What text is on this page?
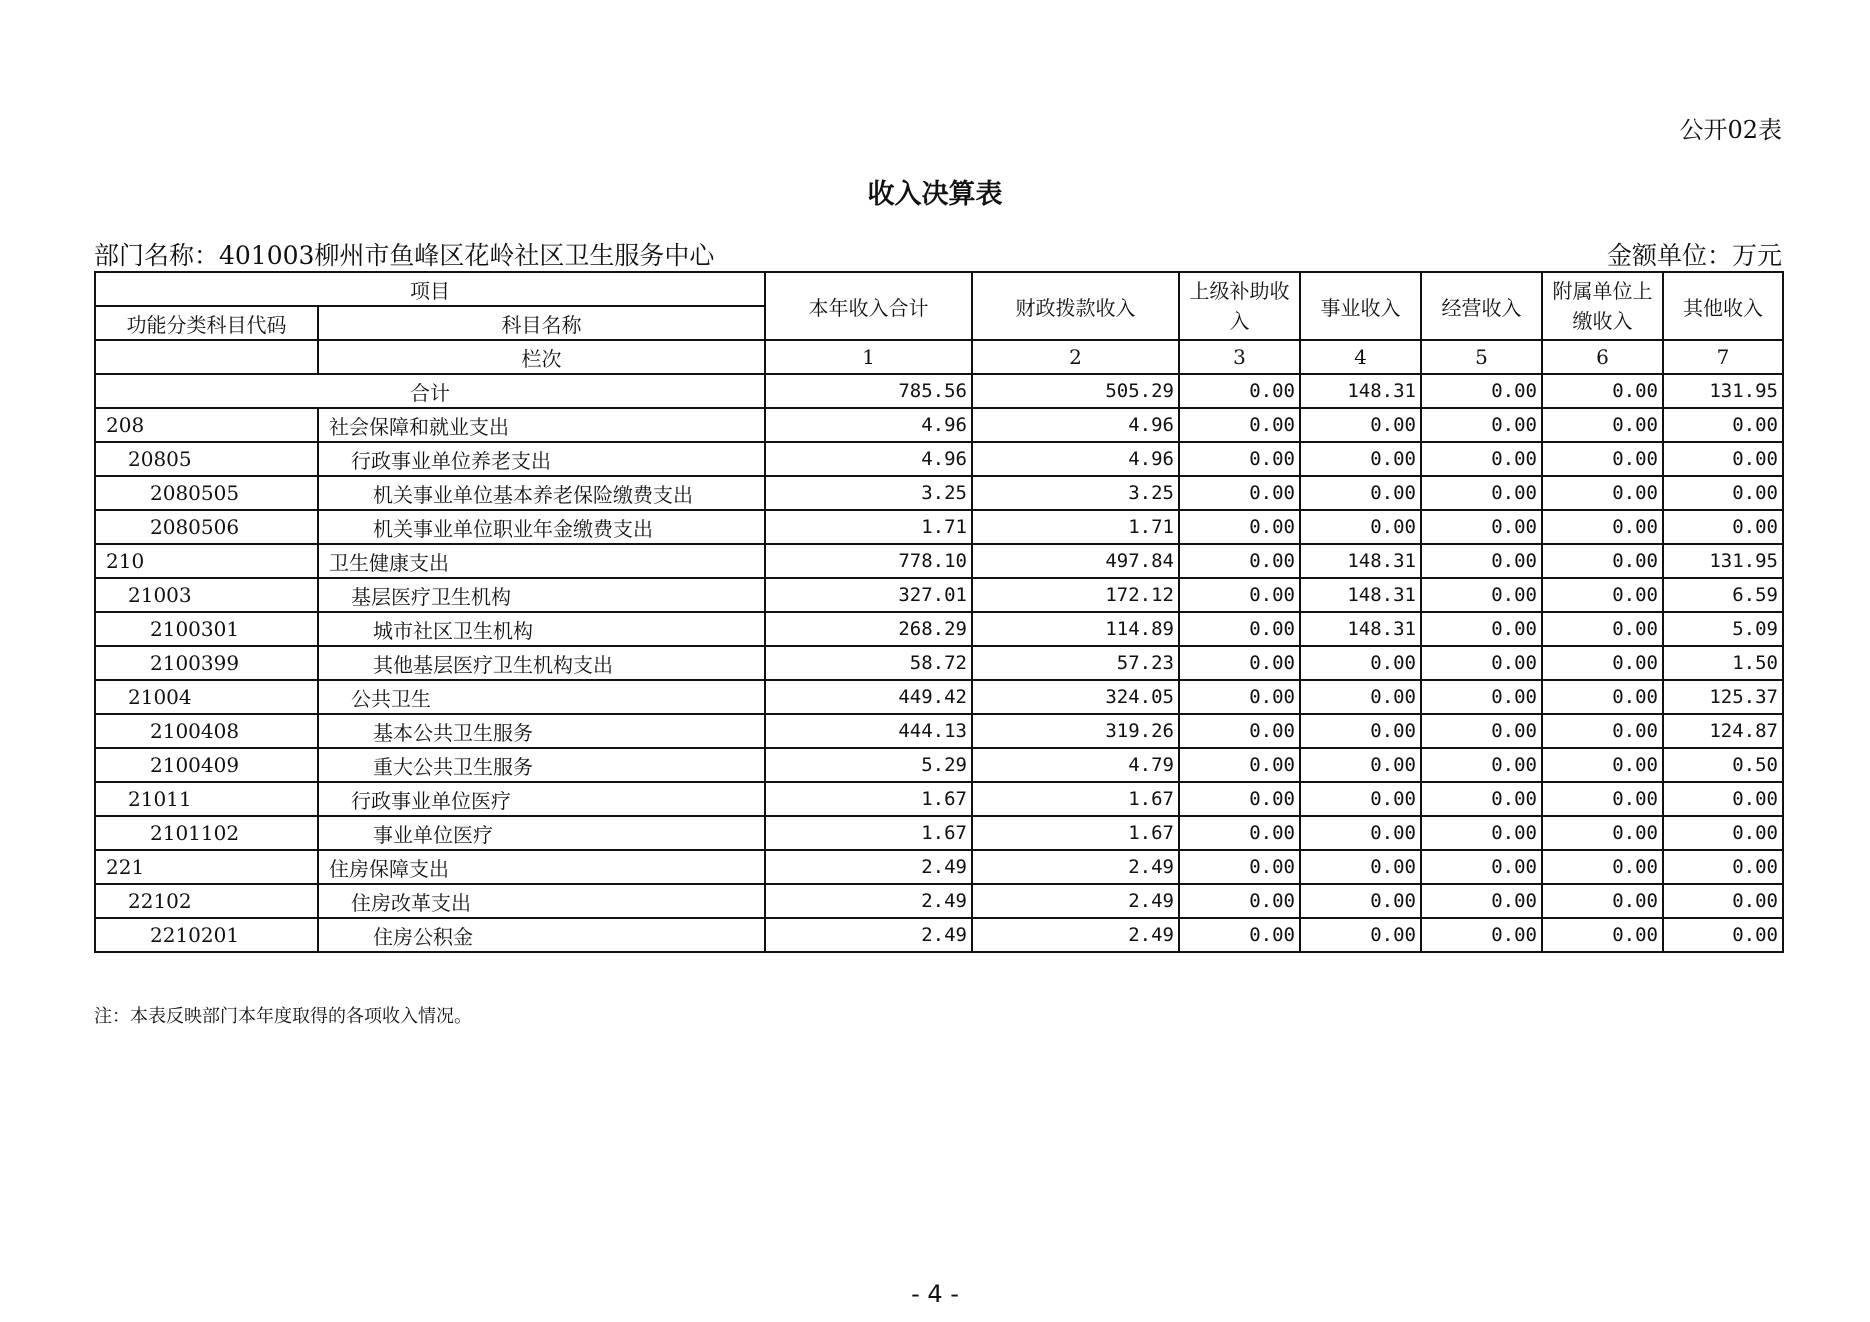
公开02表
收入决算表
部门名称：401003柳州市鱼峰区花岭社区卫生服务中心	金额单位：万元
项目		本年收入合计	财政拨款收入	上级补助收入	事业收入	经营收入	附属单位上缴收入	其他收入
功能分类科目代码	科目名称							
	栏次	1	2	3	4	5	6	7
合计		785.56	505.29	0.00	148.31	0.00	0.00	131.95
208	社会保障和就业支出	4.96	4.96	0.00	0.00	0.00	0.00	0.00
20805	行政事业单位养老支出	4.96	4.96	0.00	0.00	0.00	0.00	0.00
2080505	机关事业单位基本养老保险缴费支出	3.25	3.25	0.00	0.00	0.00	0.00	0.00
2080506	机关事业单位职业年金缴费支出	1.71	1.71	0.00	0.00	0.00	0.00	0.00
210	卫生健康支出	778.10	497.84	0.00	148.31	0.00	0.00	131.95
21003	基层医疗卫生机构	327.01	172.12	0.00	148.31	0.00	0.00	6.59
2100301	城市社区卫生机构	268.29	114.89	0.00	148.31	0.00	0.00	5.09
2100399	其他基层医疗卫生机构支出	58.72	57.23	0.00	0.00	0.00	0.00	1.50
21004	公共卫生	449.42	324.05	0.00	0.00	0.00	0.00	125.37
2100408	基本公共卫生服务	444.13	319.26	0.00	0.00	0.00	0.00	124.87
2100409	重大公共卫生服务	5.29	4.79	0.00	0.00	0.00	0.00	0.50
21011	行政事业单位医疗	1.67	1.67	0.00	0.00	0.00	0.00	0.00
2101102	事业单位医疗	1.67	1.67	0.00	0.00	0.00	0.00	0.00
221	住房保障支出	2.49	2.49	0.00	0.00	0.00	0.00	0.00
22102	住房改革支出	2.49	2.49	0.00	0.00	0.00	0.00	0.00
2210201	住房公积金	2.49	2.49	0.00	0.00	0.00	0.00	0.00
注：本表反映部门本年度取得的各项收入情况。
- 4 -
